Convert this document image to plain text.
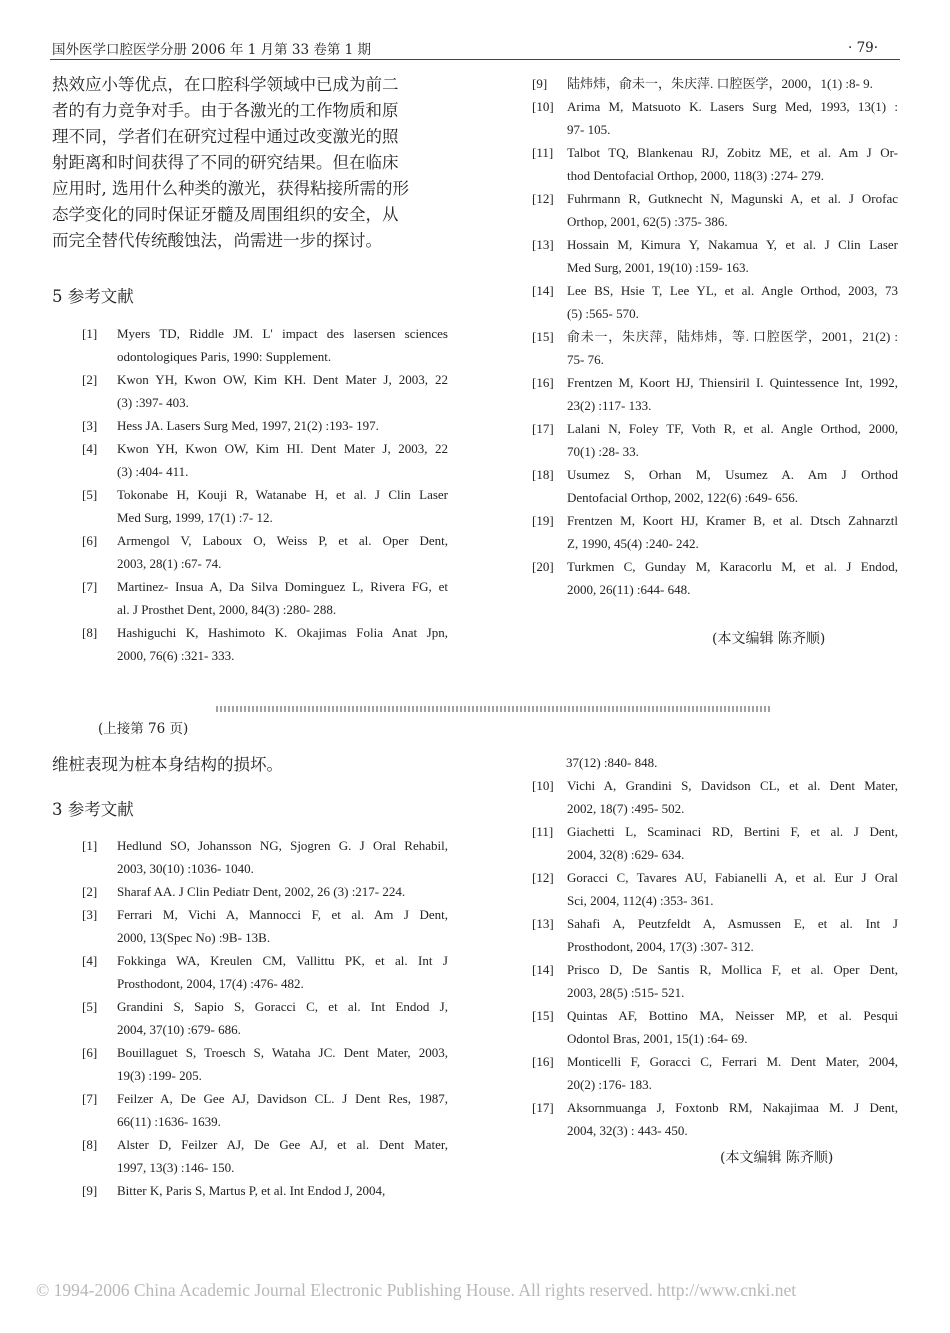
国外医学口腔医学分册 2006 年 1 月第 33 卷第 1 期	· 79·
热效应小等优点，在口腔科学领域中已成为前二
者的有力竞争对手。由于各激光的工作物质和原
理不同，学者们在研究过程中通过改变激光的照
射距离和时间获得了不同的研究结果。但在临床
应用时, 选用什么种类的激光，获得粘接所需的形
态学变化的同时保证牙髓及周围组织的安全，从
而完全替代传统酸蚀法，尚需进一步的探讨。
5 参考文献
[1] Myers TD, Riddle JM. L' impact des lasersen sciences
odontologiques Paris, 1990: Supplement.
[2] Kwon YH, Kwon OW, Kim KH. Dent Mater J, 2003, 22
(3) :397- 403.
[3] Hess JA. Lasers Surg Med, 1997, 21(2) :193- 197.
[4] Kwon YH, Kwon OW, Kim HI. Dent Mater J, 2003, 22
(3) :404- 411.
[5] Tokonabe H, Kouji R, Watanabe H, et al. J Clin Laser
Med Surg, 1999, 17(1) :7- 12.
[6] Armengol V, Laboux O, Weiss P, et al. Oper Dent,
2003, 28(1) :67- 74.
[7] Martinez- Insua A, Da Silva Dominguez L, Rivera FG, et
al. J Prosthet Dent, 2000, 84(3) :280- 288.
[8] Hashiguchi K, Hashimoto K. Okajimas Folia Anat Jpn,
2000, 76(6) :321- 333.
[9] 陆炜炜，俞未一，朱庆萍. 口腔医学，2000，1(1) :8- 9.
[10] Arima M, Matsuoto K. Lasers Surg Med, 1993, 13(1) :
97- 105.
[11] Talbot TQ, Blankenau RJ, Zobitz ME, et al. Am J Or-
thod Dentofacial Orthop, 2000, 118(3) :274- 279.
[12] Fuhrmann R, Gutknecht N, Magunski A, et al. J Orofac
Orthop, 2001, 62(5) :375- 386.
[13] Hossain M, Kimura Y, Nakamua Y, et al. J Clin Laser
Med Surg, 2001, 19(10) :159- 163.
[14] Lee BS, Hsie T, Lee YL, et al. Angle Orthod, 2003, 73
(5) :565- 570.
[15] 俞未一，朱庆萍，陆炜炜，等. 口腔医学，2001，21(2) :
75- 76.
[16] Frentzen M, Koort HJ, Thiensiril I. Quintessence Int, 1992,
23(2) :117- 133.
[17] Lalani N, Foley TF, Voth R, et al. Angle Orthod, 2000,
70(1) :28- 33.
[18] Usumez S, Orhan M, Usumez A. Am J Orthod
Dentofacial Orthop, 2002, 122(6) :649- 656.
[19] Frentzen M, Koort HJ, Kramer B, et al. Dtsch Zahnarztl
Z, 1990, 45(4) :240- 242.
[20] Turkmen C, Gunday M, Karacorlu M, et al. J Endod,
2000, 26(11) :644- 648.
(本文编辑 陈齐顺)
(上接第 76 页)
维桩表现为桩本身结构的损坏。
3 参考文献
37(12) :840- 848.
[1] Hedlund SO, Johansson NG, Sjogren G. J Oral Rehabil,
2003, 30(10) :1036- 1040.
[2] Sharaf AA. J Clin Pediatr Dent, 2002, 26 (3) :217- 224.
[3] Ferrari M, Vichi A, Mannocci F, et al. Am J Dent,
2000, 13(Spec No) :9B- 13B.
[4] Fokkinga WA, Kreulen CM, Vallittu PK, et al. Int J
Prosthodont, 2004, 17(4) :476- 482.
[5] Grandini S, Sapio S, Goracci C, et al. Int Endod J,
2004, 37(10) :679- 686.
[6] Bouillaguet S, Troesch S, Wataha JC. Dent Mater, 2003,
19(3) :199- 205.
[7] Feilzer A, De Gee AJ, Davidson CL. J Dent Res, 1987,
66(11) :1636- 1639.
[8] Alster D, Feilzer AJ, De Gee AJ, et al. Dent Mater,
1997, 13(3) :146- 150.
[9] Bitter K, Paris S, Martus P, et al. Int Endod J, 2004,
[10] Vichi A, Grandini S, Davidson CL, et al. Dent Mater,
2002, 18(7) :495- 502.
[11] Giachetti L, Scaminaci RD, Bertini F, et al. J Dent,
2004, 32(8) :629- 634.
[12] Goracci C, Tavares AU, Fabianelli A, et al. Eur J Oral
Sci, 2004, 112(4) :353- 361.
[13] Sahafi A, Peutzfeldt A, Asmussen E, et al. Int J
Prosthodont, 2004, 17(3) :307- 312.
[14] Prisco D, De Santis R, Mollica F, et al. Oper Dent,
2003, 28(5) :515- 521.
[15] Quintas AF, Bottino MA, Neisser MP, et al. Pesqui
Odontol Bras, 2001, 15(1) :64- 69.
[16] Monticelli F, Goracci C, Ferrari M. Dent Mater, 2004,
20(2) :176- 183.
[17] Aksornmuanga J, Foxtonb RM, Nakajimaa M. J Dent,
2004, 32(3) : 443- 450.
(本文编辑 陈齐顺)
© 1994-2006 China Academic Journal Electronic Publishing House. All rights reserved. http://www.cnki.net
